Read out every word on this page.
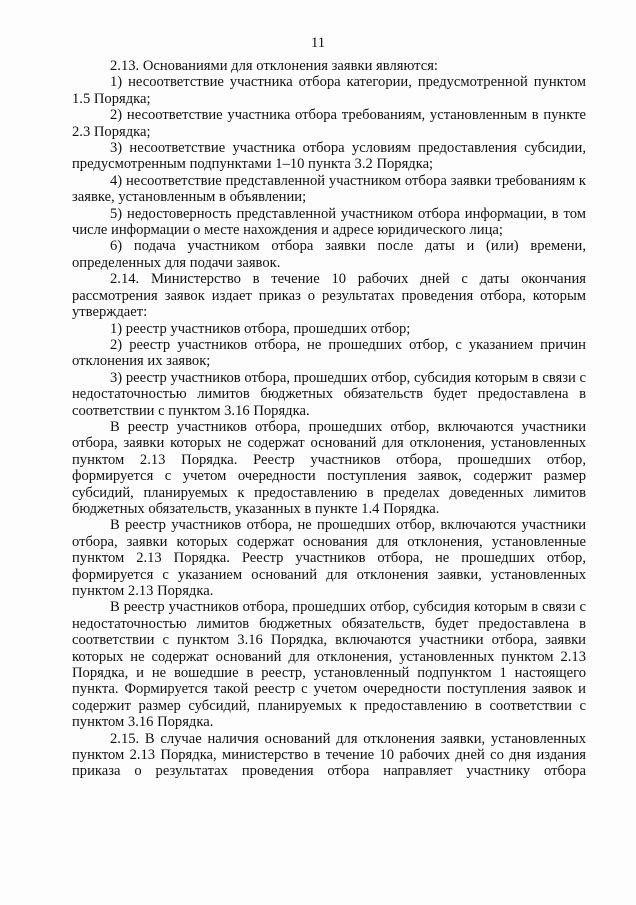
11

2.13. Основаниями для отклонения заявки являются:

1) несоответствие участника отбора категории, предусмотренной пунктом 1.5 Порядка;

2) несоответствие участника отбора требованиям, установленным в пункте 2.3 Порядка;

3) несоответствие участника отбора условиям предоставления субсидии, предусмотренным подпунктами 1–10 пункта 3.2 Порядка;

4) несоответствие представленной участником отбора заявки требованиям к заявке, установленным в объявлении;

5) недостоверность представленной участником отбора информации, в том числе информации о месте нахождения и адресе юридического лица;

6) подача участником отбора заявки после даты и (или) времени, определенных для подачи заявок.

2.14. Министерство в течение 10 рабочих дней с даты окончания рассмотрения заявок издает приказ о результатах проведения отбора, которым утверждает:

1) реестр участников отбора, прошедших отбор;

2) реестр участников отбора, не прошедших отбор, с указанием причин отклонения их заявок;

3) реестр участников отбора, прошедших отбор, субсидия которым в связи с недостаточностью лимитов бюджетных обязательств будет предоставлена в соответствии с пунктом 3.16 Порядка.

В реестр участников отбора, прошедших отбор, включаются участники отбора, заявки которых не содержат оснований для отклонения, установленных пунктом 2.13 Порядка. Реестр участников отбора, прошедших отбор, формируется с учетом очередности поступления заявок, содержит размер субсидий, планируемых к предоставлению в пределах доведенных лимитов бюджетных обязательств, указанных в пункте 1.4 Порядка.

В реестр участников отбора, не прошедших отбор, включаются участники отбора, заявки которых содержат основания для отклонения, установленные пунктом 2.13 Порядка. Реестр участников отбора, не прошедших отбор, формируется с указанием оснований для отклонения заявки, установленных пунктом 2.13 Порядка.

В реестр участников отбора, прошедших отбор, субсидия которым в связи с недостаточностью лимитов бюджетных обязательств, будет предоставлена в соответствии с пунктом 3.16 Порядка, включаются участники отбора, заявки которых не содержат оснований для отклонения, установленных пунктом 2.13 Порядка, и не вошедшие в реестр, установленный подпунктом 1 настоящего пункта. Формируется такой реестр с учетом очередности поступления заявок и содержит размер субсидий, планируемых к предоставлению в соответствии с пунктом 3.16 Порядка.

2.15. В случае наличия оснований для отклонения заявки, установленных пунктом 2.13 Порядка, министерство в течение 10 рабочих дней со дня издания приказа о результатах проведения отбора направляет участнику отбора
